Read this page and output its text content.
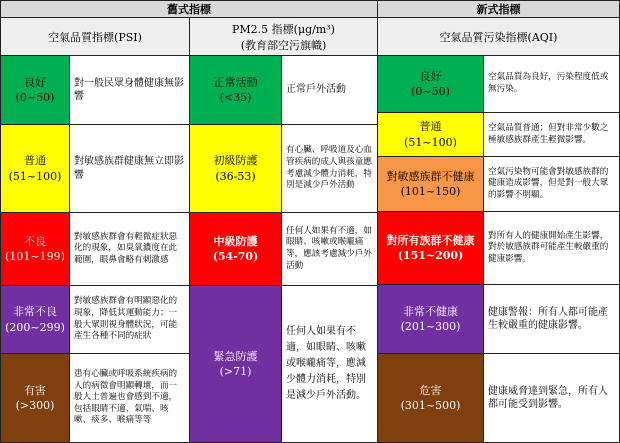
舊式指標	新式指標
空氣品質指標(PSI)
PM2.5 指標(μg/m³)
(教育部空污旗幟)
空氣品質污染指標(AQI)
良好
(0~50)
普通
(51~100)
不良
(101~199)
非常不良
(200~299)
有害
(>300)
對一般民眾身體健康無影響
對敏感族群健康無立即影響
對敏感族群會有輕微症狀惡化的現象，如臭氧濃度在此範圍，眼鼻會略有刺激感
對敏感族群會有明顯惡化的現象，降低其運動能力；一般大眾則視身體狀況，可能產生各種不同的症狀
患有心臟或呼吸系統疾病的人的病徵會明顯轉壞，而一般人士普遍也會感到不適，包括眼睛不適、氣喘、咳嗽、痰多、喉痛等等
正常活動
(<35)
初級防護
(36-53)
中級防護
(54-70)
緊急防護
(>71)
正常戶外活動
有心臟、呼吸道及心血管疾病的成人與孩童應考慮減少體力消耗，特別是減少戶外活動
任何人如果有不適，如眼睛、咳嗽或喉嚨痛等，應該考慮減少戶外活動
任何人如果有不適，如眼睛、咳嗽或喉嚨痛等，應減少體力消耗，特別是減少戶外活動。
良好
(0~50)
普通
(51~100)
對敏感族群不健康
(101~150)
對所有族群不健康
(151~200)
非常不健康
(201~300)
危害
(301~500)
空氣品質為良好，污染程度低或無污染。
空氣品質普通；但對非常少數之極敏感族群產生輕微影響。
空氣污染物可能會對敏感族群的健康造成影響，但是對一般大眾的影響不明顯。
對所有人的健康開始產生影響，對於敏感族群可能產生較嚴重的健康影響。
健康警報：所有人都可能產生較嚴重的健康影響。
健康威脅達到緊急，所有人都可能受到影響。
